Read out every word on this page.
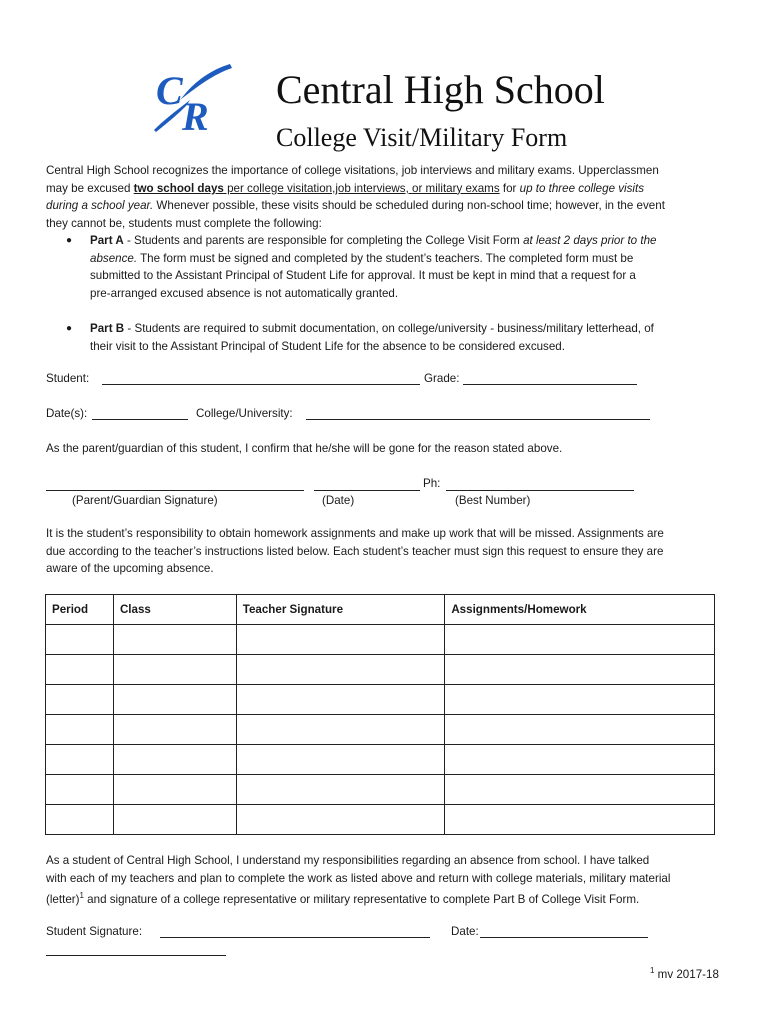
C
R
Central High School
College Visit/Military Form

Central High School recognizes the importance of college visitations, job interviews and military exams. Upperclassmen

may be excused two school days per college visitation,job interviews, or military exams for up to three college visits

during a school year. Whenever possible, these visits should be scheduled during non-school time; however, in the event

they cannot be, students must complete the following:

● Part A - Students and parents are responsible for completing the College Visit Form at least 2 days prior to the

absence. The form must be signed and completed by the student’s teachers. The completed form must be

submitted to the Assistant Principal of Student Life for approval. It must be kept in mind that a request for a

pre-arranged excused absence is not automatically granted.

● Part B - Students are required to submit documentation, on college/university - business/military letterhead, of

their visit to the Assistant Principal of Student Life for the absence to be considered excused.

Student:	Grade:
Date(s):	College/University:
As the parent/guardian of this student, I confirm that he/she will be gone for the reason stated above.
Ph:
(Parent/Guardian Signature)	(Date)	(Best Number)

It is the student’s responsibility to obtain homework assignments and make up work that will be missed. Assignments are

due according to the teacher’s instructions listed below. Each student’s teacher must sign this request to ensure they are

aware of the upcoming absence.

Period	Class	Teacher Signature	Assignments/Homework

As a student of Central High School, I understand my responsibilities regarding an absence from school. I have talked

with each of my teachers and plan to complete the work as listed above and return with college materials, military material

(letter)$^1$ and signature of a college representative or military representative to complete Part B of College Visit Form.

Student Signature:	Date:
$^1$ mv 2017-18
